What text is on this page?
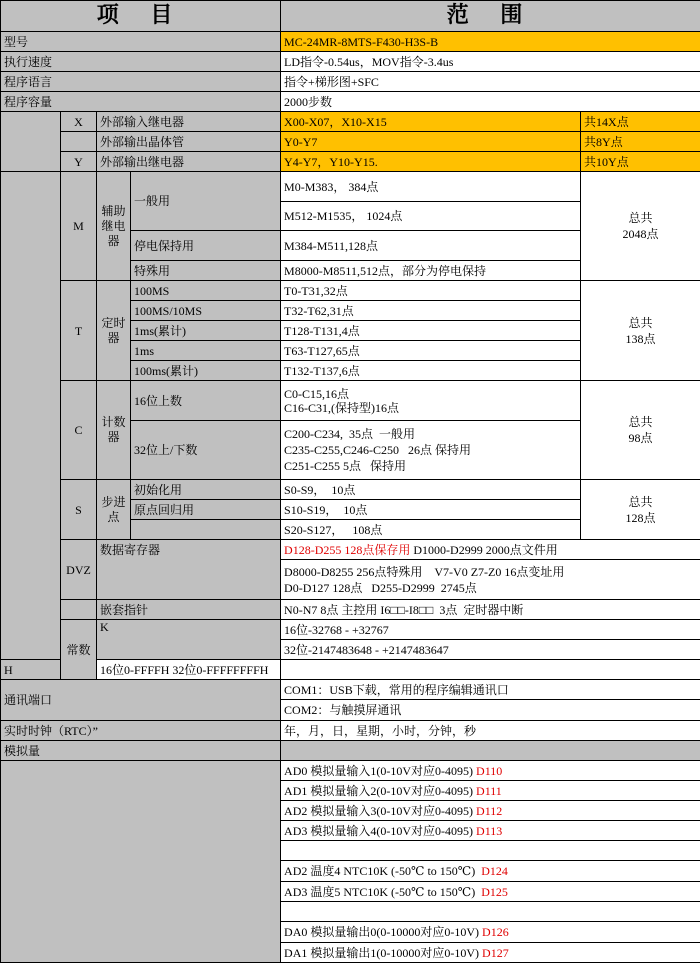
项 目				范 围	
型号				MC-24MR-8MTS-F430-H3S-B	
执行速度				LD指令-0.54us，MOV指令-3.4us	
程序语言				指令+梯形图+SFC	
程序容量				2000步数	
	X	外部输入继电器		X00-X07，X10-X15	共14X点
		外部输出晶体管		Y0-Y7	共8Y点
	Y	外部输出继电器		Y4-Y7，Y10-Y15.	共10Y点
	M	辅助继电器	一般用	M0-M383， 384点	总共
2048点
				M512-M1535， 1024点	
			停电保持用	M384-M511,128点	
			特殊用	M8000-M8511,512点，部分为停电保持	
	T	定时器	100MS	T0-T31,32点	总共
138点
			100MS/10MS	T32-T62,31点	
			1ms(累计)	T128-T131,4点	
			1ms	T63-T127,65点	
			100ms(累计)	T132-T137,6点	
	C	计数器	16位上数	C0-C15,16点
C16-C31,(保持型)16点	总共
98点
			32位上/下数	C200-C234,  35点  一般用
C235-C255,C246-C250   26点 保持用
C251-C255 5点   保持用	
	S	步进点	初始化用	S0-S9，  10点	总共
128点
			原点回归用	S10-S19，  10点	
				S20-S127，   108点	
	DVZ	数据寄存器		D128-D255 128点保存用 D1000-D2999 2000点文件用	
				D8000-D8255 256点特殊用    V7-V0 Z7-Z0 16点变址用
D0-D127 128点   D255-D2999  2745点	
		嵌套指针		N0-N7 8点 主控用 I6□□-I8□□  3点  定时器中断	
	常数	K		16位-32768 - +32767	
				32位-2147483648 - +2147483647	
H		16位0-FFFFH 32位0-FFFFFFFFH			
通讯端口				COM1：USB下载，常用的程序编辑通讯口	
				COM2：与触摸屏通讯	
实时时钟（RTC）”				年，月，日，星期，小时，分钟，秒	
模拟量					
				AD0 模拟量输入1(0-10V对应0-4095) D110	
				AD1 模拟量输入2(0-10V对应0-4095) D111	
				AD2 模拟量输入3(0-10V对应0-4095) D112	
				AD3 模拟量输入4(0-10V对应0-4095) D113	

				AD2 温度4 NTC10K (-50℃ to 150℃)  D124	
				AD3 温度5 NTC10K (-50℃ to 150℃)  D125	

				DA0 模拟量输出0(0-10000对应0-10V) D126	
				DA1 模拟量输出1(0-10000对应0-10V) D127	
